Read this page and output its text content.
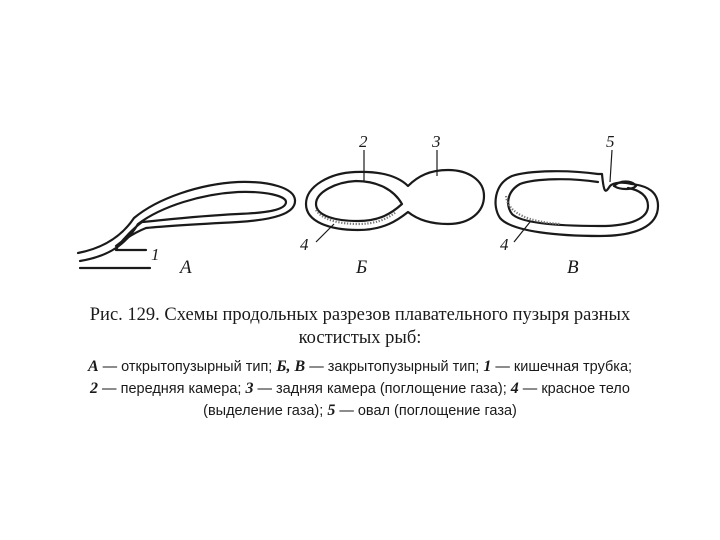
1
2	3
4	4
5
А	Б	В
Рис. 129. Схемы продольных разрезов плавательного пузыря разных
костистых рыб:
А — открытопузырный тип; Б, В — закрытопузырный тип; 1 — кишечная трубка;
2 — передняя камера; 3 — задняя камера (поглощение газа); 4 — красное тело
(выделение газа); 5 — овал (поглощение газа)
